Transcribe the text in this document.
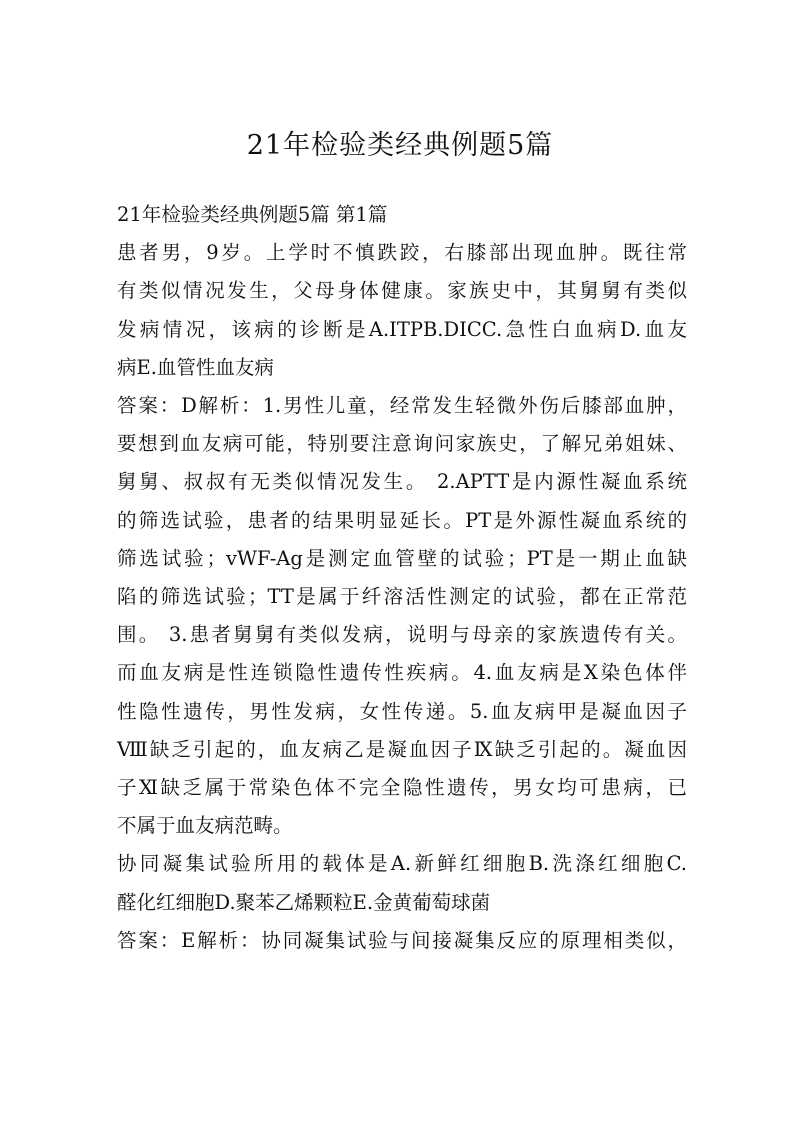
21年检验类经典例题5篇
21年检验类经典例题5篇 第1篇
患者男，9岁。上学时不慎跌跤，右膝部出现血肿。既往常
有类似情况发生，父母身体健康。家族史中，其舅舅有类似
发病情况，该病的诊断是A.ITPB.DICC.急性白血病D.血友
病E.血管性血友病
答案：D解析：1.男性儿童，经常发生轻微外伤后膝部血肿，
要想到血友病可能，特别要注意询问家族史，了解兄弟姐妹、
舅舅、叔叔有无类似情况发生。 2.APTT是内源性凝血系统
的筛选试验，患者的结果明显延长。PT是外源性凝血系统的
筛选试验；vWF-Ag是测定血管壁的试验；PT是一期止血缺
陷的筛选试验；TT是属于纤溶活性测定的试验，都在正常范
围。 3.患者舅舅有类似发病，说明与母亲的家族遗传有关。
而血友病是性连锁隐性遗传性疾病。4.血友病是X染色体伴
性隐性遗传，男性发病，女性传递。5.血友病甲是凝血因子
Ⅷ缺乏引起的，血友病乙是凝血因子Ⅸ缺乏引起的。凝血因
子Ⅺ缺乏属于常染色体不完全隐性遗传，男女均可患病，已
不属于血友病范畴。
协同凝集试验所用的载体是A.新鲜红细胞B.洗涤红细胞C.
醛化红细胞D.聚苯乙烯颗粒E.金黄葡萄球菌
答案：E解析：协同凝集试验与间接凝集反应的原理相类似，
